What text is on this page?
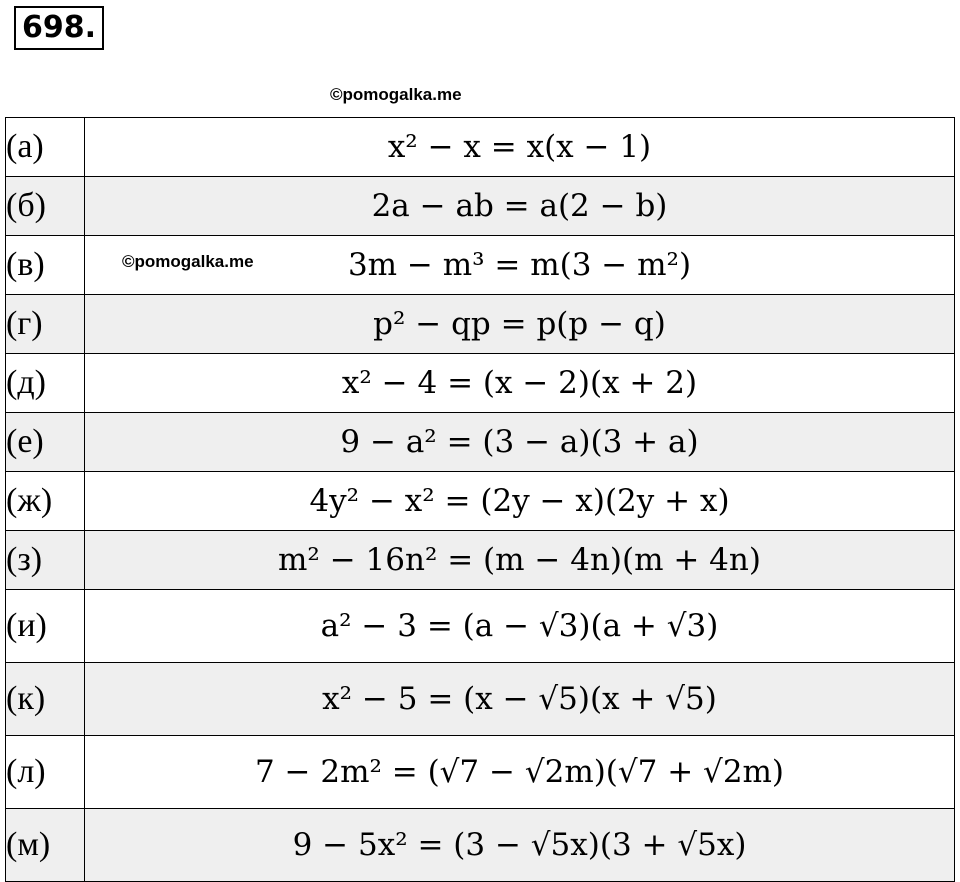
698.
©pomogalka.me
(а)	x² − x = x(x − 1)
(б)	2a − ab = a(2 − b)
(в)	3m − m³ = m(3 − m²)
(г)	p² − qp = p(p − q)
(д)	x² − 4 = (x − 2)(x + 2)
(е)	9 − a² = (3 − a)(3 + a)
(ж)	4y² − x² = (2y − x)(2y + x)
(з)	m² − 16n² = (m − 4n)(m + 4n)
(и)	a² − 3 = (a − √3)(a + √3)
(к)	x² − 5 = (x − √5)(x + √5)
(л)	7 − 2m² = (√7 − √2m)(√7 + √2m)
(м)	9 − 5x² = (3 − √5x)(3 + √5x)
©pomogalka.me
